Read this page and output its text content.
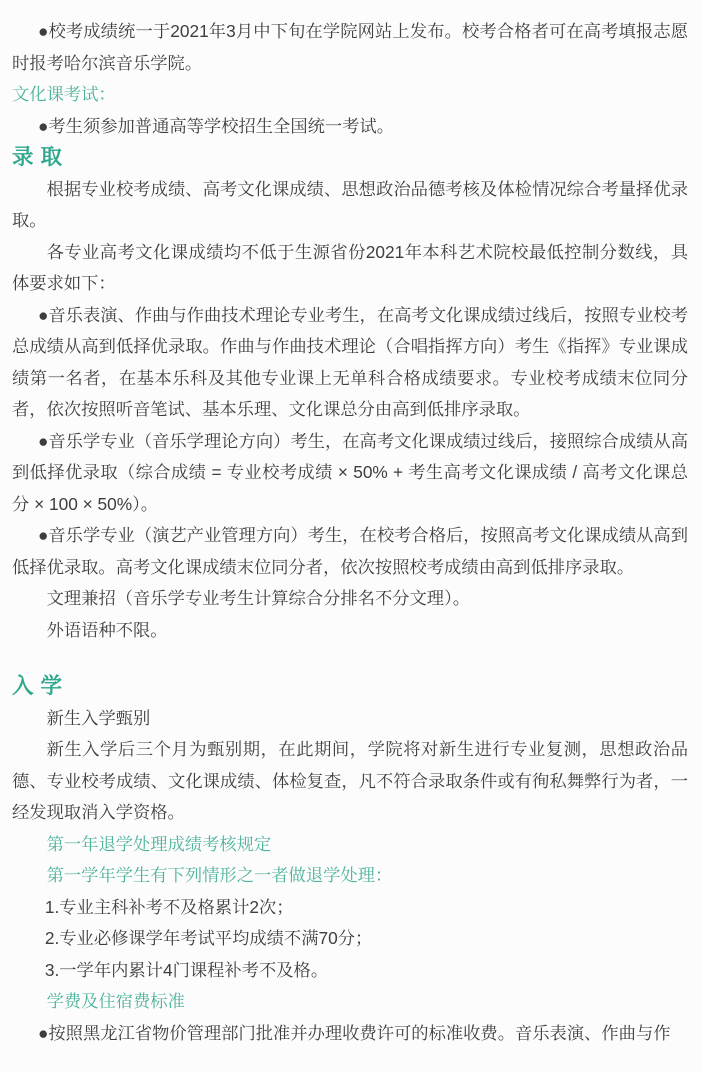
●校考成绩统一于2021年3月中下旬在学院网站上发布。校考合格者可在高考填报志愿时报考哈尔滨音乐学院。

文化课考试：

●考生须参加普通高等学校招生全国统一考试。

录 取

根据专业校考成绩、高考文化课成绩、思想政治品德考核及体检情况综合考量择优录取。

各专业高考文化课成绩均不低于生源省份2021年本科艺术院校最低控制分数线，具体要求如下：

●音乐表演、作曲与作曲技术理论专业考生，在高考文化课成绩过线后，按照专业校考总成绩从高到低择优录取。作曲与作曲技术理论（合唱指挥方向）考生《指挥》专业课成绩第一名者，在基本乐科及其他专业课上无单科合格成绩要求。专业校考成绩末位同分者，依次按照听音笔试、基本乐理、文化课总分由高到低排序录取。

●音乐学专业（音乐学理论方向）考生，在高考文化课成绩过线后，接照综合成绩从高到低择优录取（综合成绩 = 专业校考成绩 × 50% + 考生高考文化课成绩 / 高考文化课总分 × 100 × 50%）。

●音乐学专业（演艺产业管理方向）考生，在校考合格后，按照高考文化课成绩从高到低择优录取。高考文化课成绩末位同分者，依次按照校考成绩由高到低排序录取。

文理兼招（音乐学专业考生计算综合分排名不分文理）。

外语语种不限。

入 学

新生入学甄别

新生入学后三个月为甄别期，在此期间，学院将对新生进行专业复测，思想政治品德、专业校考成绩、文化课成绩、体检复查，凡不符合录取条件或有徇私舞弊行为者，一经发现取消入学资格。

第一年退学处理成绩考核规定

第一学年学生有下列情形之一者做退学处理：

1.专业主科补考不及格累计2次；

2.专业必修课学年考试平均成绩不满70分；

3.一学年内累计4门课程补考不及格。

学费及住宿费标准

●按照黑龙江省物价管理部门批准并办理收费许可的标准收费。音乐表演、作曲与作
